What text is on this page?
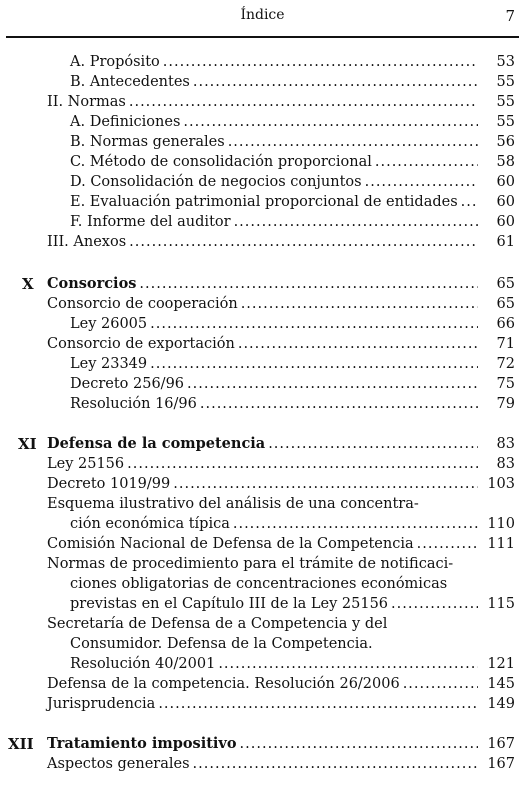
Índice	7
A. Propósito .....	53
B. Antecedentes .....	55
II. Normas .....	55
A. Definiciones .....	55
B. Normas generales .....	56
C. Método de consolidación proporcional .....	58
D. Consolidación de negocios conjuntos .....	60
E. Evaluación patrimonial proporcional de entidades .....	60
F. Informe del auditor .....	60
III. Anexos .....	61
X Consorcios .....	65
Consorcio de cooperación .....	65
Ley 26005 .....	66
Consorcio de exportación .....	71
Ley 23349 .....	72
Decreto 256/96 .....	75
Resolución 16/96 .....	79
XI Defensa de la competencia .....	83
Ley 25156 .....	83
Decreto 1019/99 .....	103
Esquema ilustrativo del análisis de una concentra-
ción económica típica .....	110
Comisión Nacional de Defensa de la Competencia .....	111
Normas de procedimiento para el trámite de notificaci-
ciones obligatorias de concentraciones económicas
previstas en el Capítulo III de la Ley 25156 .....	115
Secretaría de Defensa de a Competencia y del
Consumidor. Defensa de la Competencia.
Resolución 40/2001 .....	121
Defensa de la competencia. Resolución 26/2006 .....	145
Jurisprudencia .....	149
XII Tratamiento impositivo .....	167
Aspectos generales .....	167
